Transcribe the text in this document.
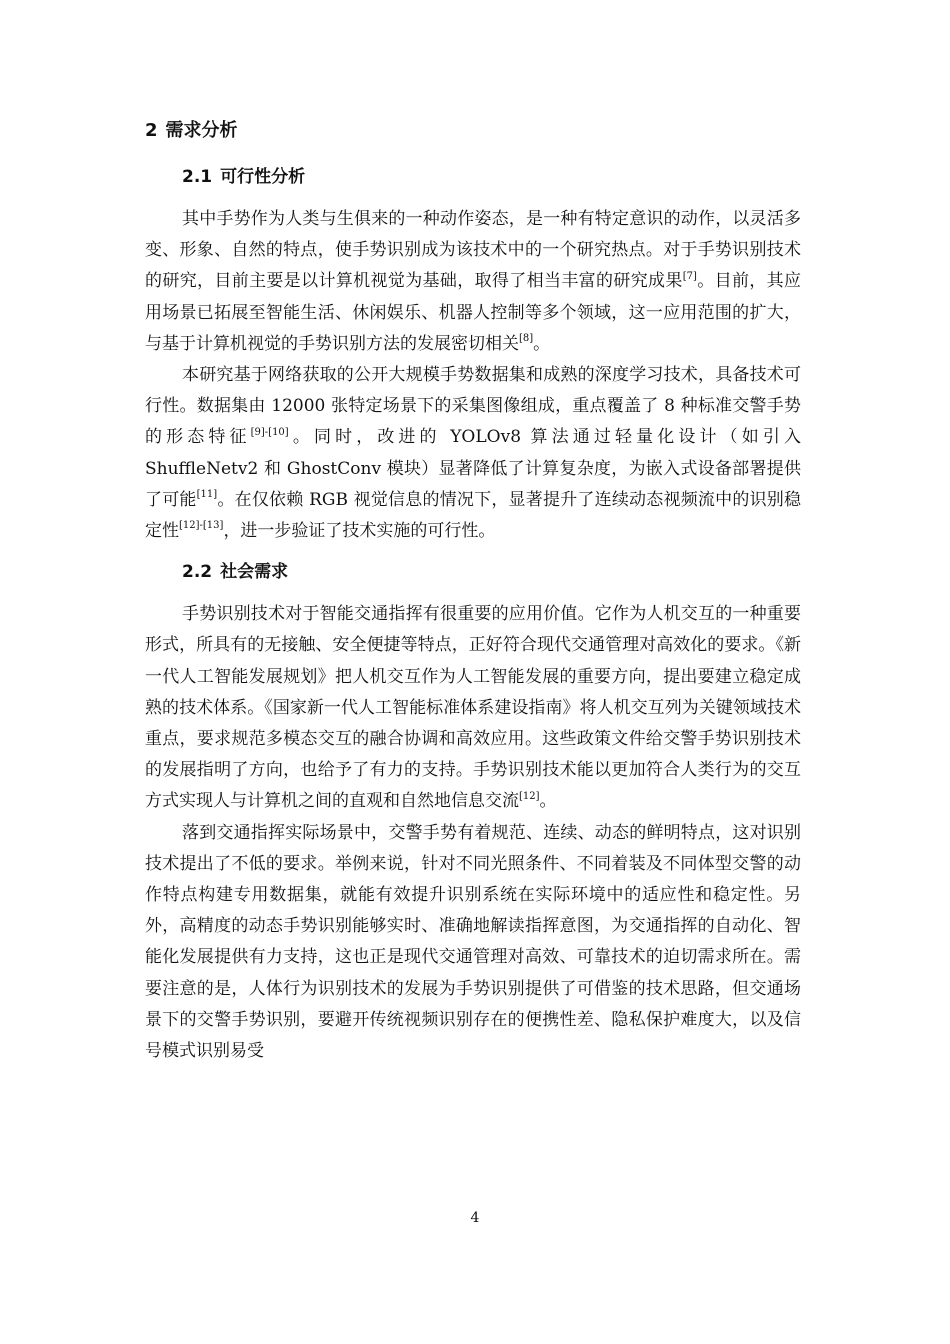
2 需求分析
2.1 可行性分析

其中手势作为人类与生俱来的一种动作姿态，是一种有特定意识的动作，以灵活多变、形象、自然的特点，使手势识别成为该技术中的一个研究热点。对于手势识别技术的研究，目前主要是以计算机视觉为基础，取得了相当丰富的研究成果[7]。目前，其应用场景已拓展至智能生活、休闲娱乐、机器人控制等多个领域，这一应用范围的扩大，与基于计算机视觉的手势识别方法的发展密切相关[8]。

本研究基于网络获取的公开大规模手势数据集和成熟的深度学习技术，具备技术可行性。数据集由 12000 张特定场景下的采集图像组成，重点覆盖了 8 种标准交警手势的形态特征[9]-[10]。同时，改进的 YOLOv8 算法通过轻量化设计（如引入 ShuffleNetv2 和 GhostConv 模块）显著降低了计算复杂度，为嵌入式设备部署提供了可能[11]。在仅依赖 RGB 视觉信息的情况下，显著提升了连续动态视频流中的识别稳定性[12]-[13]，进一步验证了技术实施的可行性。

2.2 社会需求

手势识别技术对于智能交通指挥有很重要的应用价值。它作为人机交互的一种重要形式，所具有的无接触、安全便捷等特点，正好符合现代交通管理对高效化的要求。《新一代人工智能发展规划》把人机交互作为人工智能发展的重要方向，提出要建立稳定成熟的技术体系。《国家新一代人工智能标准体系建设指南》将人机交互列为关键领域技术重点，要求规范多模态交互的融合协调和高效应用。这些政策文件给交警手势识别技术的发展指明了方向，也给予了有力的支持。手势识别技术能以更加符合人类行为的交互方式实现人与计算机之间的直观和自然地信息交流[12]。

落到交通指挥实际场景中，交警手势有着规范、连续、动态的鲜明特点，这对识别技术提出了不低的要求。举例来说，针对不同光照条件、不同着装及不同体型交警的动作特点构建专用数据集，就能有效提升识别系统在实际环境中的适应性和稳定性。另外，高精度的动态手势识别能够实时、准确地解读指挥意图，为交通指挥的自动化、智能化发展提供有力支持，这也正是现代交通管理对高效、可靠技术的迫切需求所在。需要注意的是，人体行为识别技术的发展为手势识别提供了可借鉴的技术思路，但交通场景下的交警手势识别，要避开传统视频识别存在的便携性差、隐私保护难度大，以及信号模式识别易受

4
